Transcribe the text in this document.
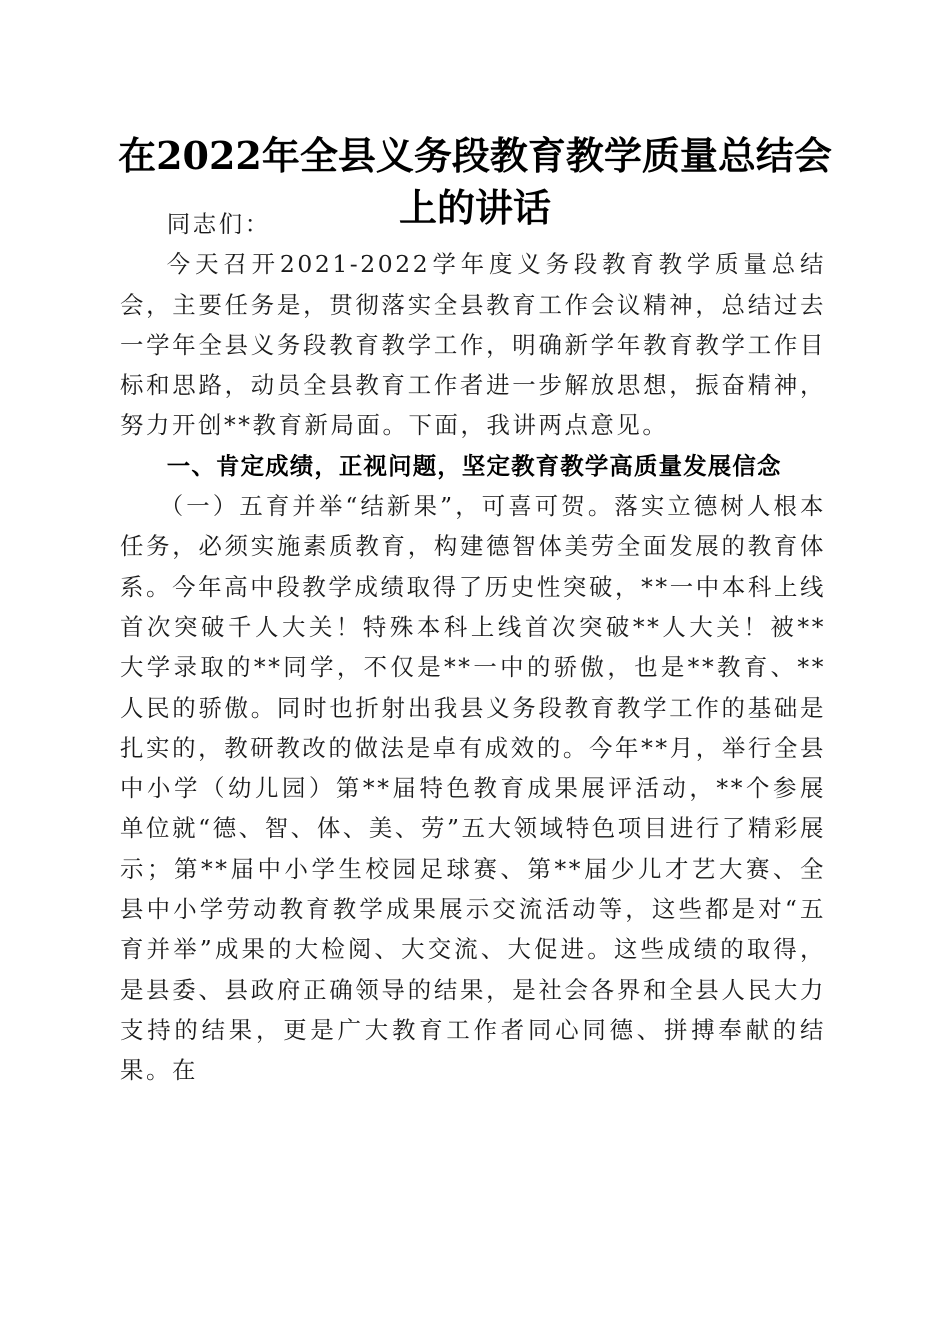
在2022年全县义务段教育教学质量总结会上的讲话

同志们：

今天召开2021-2022学年度义务段教育教学质量总结会，主要任务是，贯彻落实全县教育工作会议精神，总结过去一学年全县义务段教育教学工作，明确新学年教育教学工作目标和思路，动员全县教育工作者进一步解放思想，振奋精神，努力开创**教育新局面。下面，我讲两点意见。

一、肯定成绩，正视问题，坚定教育教学高质量发展信念

（一）五育并举“结新果”，可喜可贺。落实立德树人根本任务，必须实施素质教育，构建德智体美劳全面发展的教育体系。今年高中段教学成绩取得了历史性突破，**一中本科上线首次突破千人大关！特殊本科上线首次突破**人大关！被**大学录取的**同学，不仅是**一中的骄傲，也是**教育、**人民的骄傲。同时也折射出我县义务段教育教学工作的基础是扎实的，教研教改的做法是卓有成效的。今年**月，举行全县中小学（幼儿园）第**届特色教育成果展评活动，**个参展单位就“德、智、体、美、劳”五大领域特色项目进行了精彩展示；第**届中小学生校园足球赛、第**届少儿才艺大赛、全县中小学劳动教育教学成果展示交流活动等，这些都是对“五育并举”成果的大检阅、大交流、大促进。这些成绩的取得，是县委、县政府正确领导的结果，是社会各界和全县人民大力支持的结果，更是广大教育工作者同心同德、拼搏奉献的结果。在
